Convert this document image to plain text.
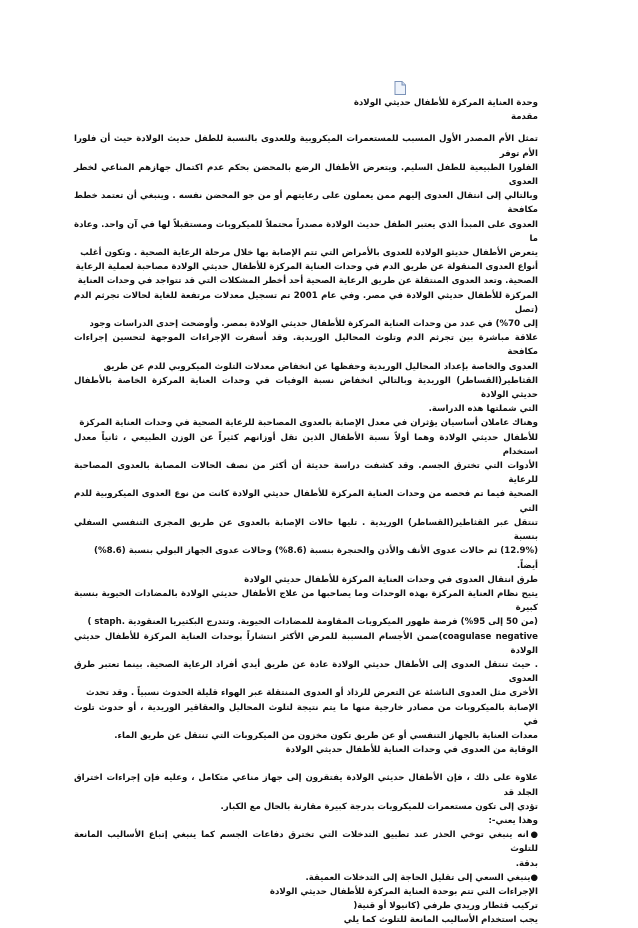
وحدة العناية المركزة للأطفال حديثي الولادة

مقدمة

تمثل الأم المصدر الأول المسبب للمستعمرات الميكروبية وللعدوى بالنسبة للطفل حديث الولادة حيث أن فلورا الأم توفر
الفلورا الطبيعية للطفل السليم. ويتعرض الأطفال الرضع بالمحضن بحكم عدم اكتمال جهازهم المناعي لخطر العدوى
وبالتالي إلى انتقال العدوى إليهم ممن يعملون على رعايتهم أو من جو المحضن نفسه . وينبغي أن تعتمد خطط مكافحة
العدوى على المبدأ الذي يعتبر الطفل حديث الولادة مصدراً محتملاً للميكروبات ومستقبلاً لها في آن واحد. وعادة ما
يتعرض الأطفال حديثو الولادة للعدوى بالأمراض التي تتم الإصابة بها خلال مرحلة الرعاية الصحية . وتكون أغلب
أنواع العدوى المنقولة عن طريق الدم في وحدات العناية المركزة للأطفال حديثي الولادة مصاحبة لعملية الرعاية
الصحية. وتعد العدوى المنتقلة عن طريق الرعاية الصحية أحد أخطر المشكلات التي قد تتواجد في وحدات العناية
المركزة للأطفال حديثي الولادة في مصر. وفي عام 2001 تم تسجيل معدلات مرتفعة للغاية لحالات تجرثم الدم (تصل
إلى 70%) في عدد من وحدات العناية المركزة للأطفال حديثي الولادة بمصر. وأوضحت إحدى الدراسات وجود
علاقة مباشرة بين تجرثم الدم وتلوث المحاليل الوريدية. وقد أسفرت الإجراءات الموجهة لتحسين إجراءات مكافحة
العدوى والخاصة بإعداد المحاليل الوريدية وحفظها عن انخفاض معدلات التلوث الميكروبي للدم عن طريق
القثاطير(القساطر) الوريدية وبالتالي انخفاض نسبة الوفيات في وحدات العناية المركزة الخاصة بالأطفال حديثي الولادة
التي شملتها هذه الدراسة.
وهناك عاملان أساسيان يؤثران في معدل الإصابة بالعدوى المصاحبة للرعاية الصحية في وحدات العناية المركزة
للأطفال حديثي الولادة وهما أولاً نسبة الأطفال الذين تقل أوزانهم كثيراً عن الوزن الطبيعي ، ثانياً معدل استخدام
الأدوات التي تخترق الجسم. وقد كشفت دراسة حديثة أن أكثر من نصف الحالات المصابة بالعدوى المصاحبة للرعاية
الصحية فيما تم فحصه من وحدات العناية المركزة للأطفال حديثي الولادة كانت من نوع العدوى الميكروبية للدم التي
تنتقل عبر القثاطير(القساطر) الوريدية . تليها حالات الإصابة بالعدوى عن طريق المجرى التنفسي السفلي بنسبة
(12.9%) ثم حالات عدوى الأنف والأذن والحنجرة بنسبة (8.6%) وحالات عدوى الجهاز البولي بنسبة (8.6%)
أيضاً.

طرق انتقال العدوى في وحدات العناية المركزة للأطفال حديثي الولادة

يتيح نظام العناية المركزة بهذه الوحدات وما يصاحبها من علاج الأطفال حديثي الولادة بالمضادات الحيوية بنسبة كبيرة
(من 50 إلى 95%) فرصة ظهور الميكروبات المقاومة للمضادات الحيوية. وتتدرج البكتيريا العنقودية .staph )
coagulase negative)ضمن الأجسام المسببة للمرض الأكثر انتشاراً بوحدات العناية المركزة للأطفال حديثي الولادة
. حيث تنتقل العدوى إلى الأطفال حديثي الولادة عادة عن طريق أيدي أفراد الرعاية الصحية. بينما تعتبر طرق العدوى
الأخرى مثل العدوى الناشئة عن التعرض للرذاذ أو العدوى المنتقلة عبر الهواء قليلة الحدوث نسبياً . وقد تحدث
الإصابة بالميكروبات من مصادر خارجية منها ما يتم نتيجة لتلوث المحاليل والعقاقير الوريدية ، أو حدوث تلوث في
معدات العناية بالجهاز التنفسي أو عن طريق تكون مخزون من الميكروبات التي تنتقل عن طريق الماء.

الوقاية من العدوى في وحدات العناية للأطفال حديثي الولادة

علاوة على ذلك ، فإن الأطفال حديثي الولادة يفتقرون إلى جهاز مناعي متكامل ، وعليه فإن إجراءات اختراق الجلد قد
تؤدي إلى تكون مستعمرات للميكروبات بدرجة كبيرة مقارنة بالحال مع الكبار.

وهذا يعني-:

●انه ينبغي توخي الحذر عند تطبيق التدخلات التي تخترق دفاعات الجسم كما ينبغي إتباع الأساليب المانعة للتلوث
بدقة.

●ينبغي السعي إلى تقليل الحاجة إلى التدخلات العميقة.

الإجراءات التي تتم بوحدة العناية المركزة للأطفال حديثي الولادة

تركيب قثطار وريدي طرفي (كانيولا أو قنية(

يجب استخدام الأساليب المانعة للتلوث كما يلي
